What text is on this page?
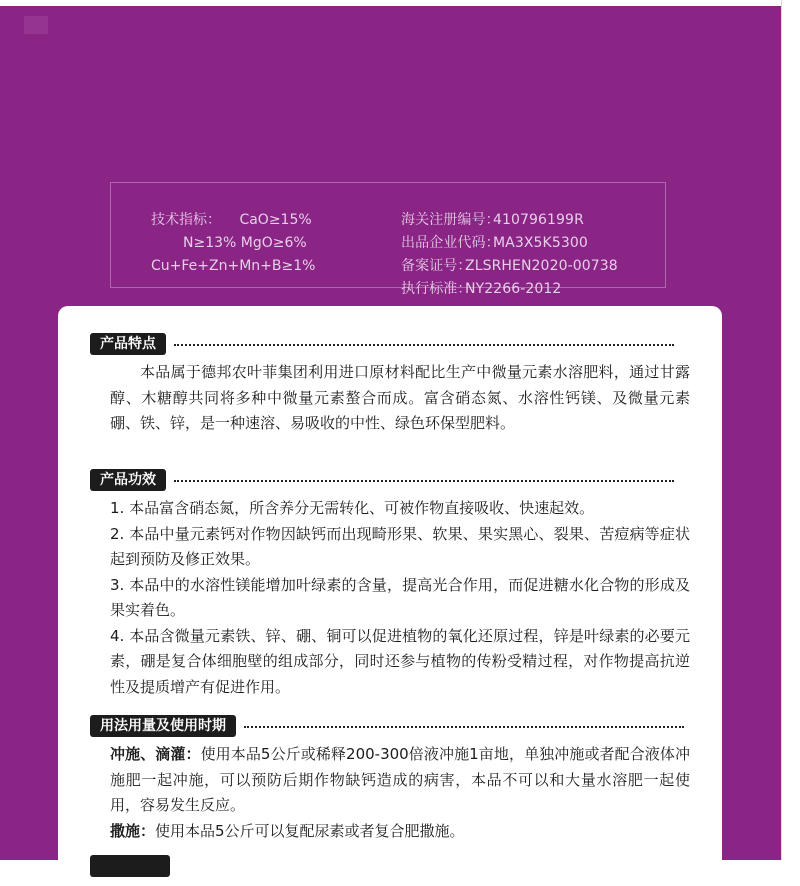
技术指标： CaO≥15%
N≥13% MgO≥6%
Cu+Fe+Zn+Mn+B≥1%
海关注册编号：410796199R
出品企业代码：MA3X5K5300
备案证号：ZLSRHEN2020-00738
执行标准：NY2266-2012
产品特点
本品属于德邦农叶菲集团利用进口原材料配比生产中微量元素水溶肥料，通过甘露醇、木糖醇共同将多种中微量元素螯合而成。富含硝态氮、水溶性钙镁、及微量元素硼、铁、锌，是一种速溶、易吸收的中性、绿色环保型肥料。
产品功效

1. 本品富含硝态氮，所含养分无需转化、可被作物直接吸收、快速起效。

2. 本品中量元素钙对作物因缺钙而出现畸形果、软果、果实黑心、裂果、苦痘病等症状起到预防及修正效果。

3. 本品中的水溶性镁能增加叶绿素的含量，提高光合作用，而促进糖水化合物的形成及果实着色。

4. 本品含微量元素铁、锌、硼、铜可以促进植物的氧化还原过程，锌是叶绿素的必要元素，硼是复合体细胞壁的组成部分，同时还参与植物的传粉受精过程，对作物提高抗逆性及提质增产有促进作用。

用法用量及使用时期

冲施、滴灌：使用本品5公斤或稀释200-300倍液冲施1亩地，单独冲施或者配合液体冲施肥一起冲施，可以预防后期作物缺钙造成的病害，本品不可以和大量水溶肥一起使用，容易发生反应。

撒施：使用本品5公斤可以复配尿素或者复合肥撒施。
